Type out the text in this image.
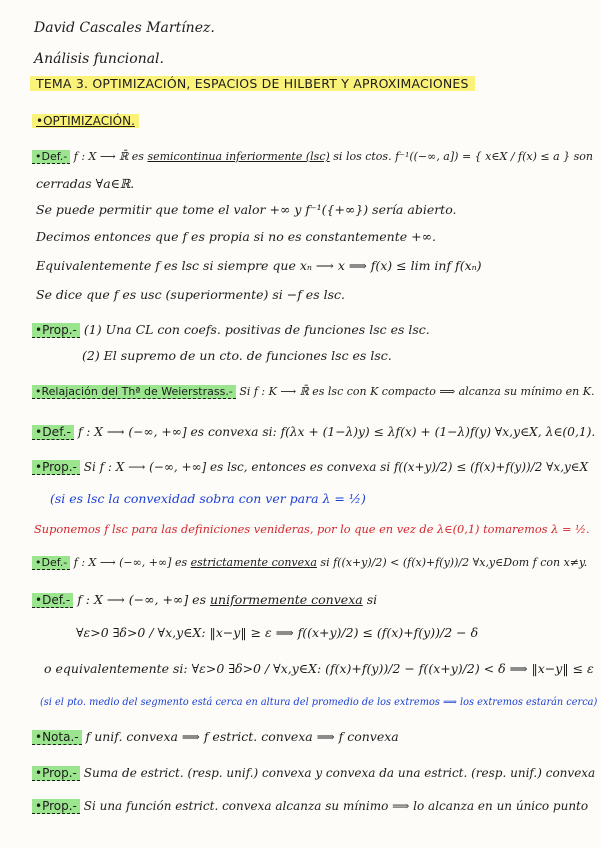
David Cascales Martínez.
Análisis funcional.
TEMA 3. OPTIMIZACIÓN, ESPACIOS DE HILBERT Y APROXIMACIONES
•OPTIMIZACIÓN.
•Def.- f : X ⟶ ℝ̄ es semicontinua inferiormente (lsc) si los ctos. f⁻¹((−∞, a]) = { x∈X / f(x) ≤ a } son
cerradas ∀a∈ℝ.
Se puede permitir que tome el valor +∞ y f⁻¹({+∞}) sería abierto.
Decimos entonces que f es propia si no es constantemente +∞.
Equivalentemente f es lsc si siempre que xₙ ⟶ x ⟹ f(x) ≤ lim inf f(xₙ)
Se dice que f es usc (superiormente) si −f es lsc.
•Prop.- (1) Una CL con coefs. positivas de funciones lsc es lsc.
(2) El supremo de un cto. de funciones lsc es lsc.
•Relajación del Thª de Weierstrass.- Si f : K ⟶ ℝ̄ es lsc con K compacto ⟹ alcanza su mínimo en K.
•Def.- f : X ⟶ (−∞, +∞] es convexa si: f(λx + (1−λ)y) ≤ λf(x) + (1−λ)f(y) ∀x,y∈X, λ∈(0,1).
•Prop.- Si f : X ⟶ (−∞, +∞] es lsc, entonces es convexa si f((x+y)/2) ≤ (f(x)+f(y))/2 ∀x,y∈X
(si es lsc la convexidad sobra con ver para λ = ½)
Suponemos f lsc para las definiciones venideras, por lo que en vez de λ∈(0,1) tomaremos λ = ½.
•Def.- f : X ⟶ (−∞, +∞] es estrictamente convexa si f((x+y)/2) < (f(x)+f(y))/2 ∀x,y∈Dom f con x≠y.
•Def.- f : X ⟶ (−∞, +∞] es uniformemente convexa si
∀ε>0 ∃δ>0 / ∀x,y∈X: ‖x−y‖ ≥ ε ⟹ f((x+y)/2) ≤ (f(x)+f(y))/2 − δ
o equivalentemente si: ∀ε>0 ∃δ>0 / ∀x,y∈X: (f(x)+f(y))/2 − f((x+y)/2) < δ ⟹ ‖x−y‖ ≤ ε
(si el pto. medio del segmento está cerca en altura del promedio de los extremos ⟹ los extremos estarán cerca)
•Nota.- f unif. convexa ⟹ f estrict. convexa ⟹ f convexa
•Prop.- Suma de estrict. (resp. unif.) convexa y convexa da una estrict. (resp. unif.) convexa
•Prop.- Si una función estrict. convexa alcanza su mínimo ⟹ lo alcanza en un único punto
